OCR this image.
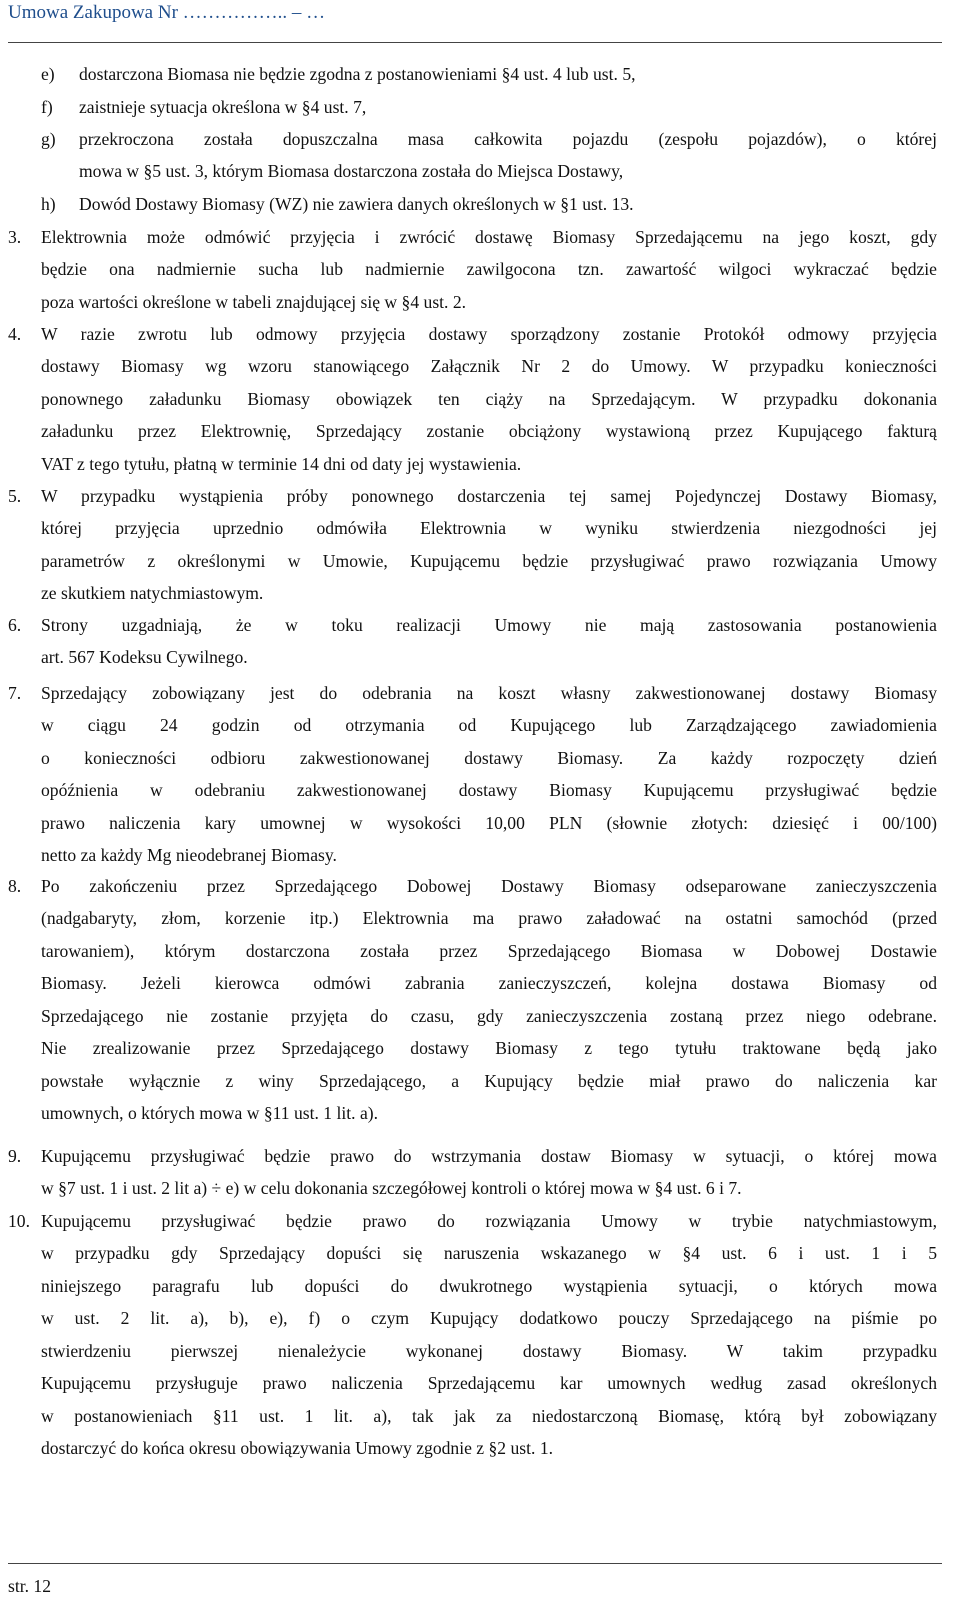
Umowa Zakupowa Nr …………….. – …
e) dostarczona Biomasa nie będzie zgodna z postanowieniami §4 ust. 4 lub ust. 5,
f) zaistnieje sytuacja określona w §4 ust. 7,
g) przekroczona została dopuszczalna masa całkowita pojazdu (zespołu pojazdów), o której
mowa w §5 ust. 3, którym Biomasa dostarczona została do Miejsca Dostawy,
h) Dowód Dostawy Biomasy (WZ) nie zawiera danych określonych w §1 ust. 13.
3. Elektrownia może odmówić przyjęcia i zwrócić dostawę Biomasy Sprzedającemu na jego koszt, gdy
będzie ona nadmiernie sucha lub nadmiernie zawilgocona tzn. zawartość wilgoci wykraczać będzie
poza wartości określone w tabeli znajdującej się w §4 ust. 2.
4. W razie zwrotu lub odmowy przyjęcia dostawy sporządzony zostanie Protokół odmowy przyjęcia
dostawy Biomasy wg wzoru stanowiącego Załącznik Nr 2 do Umowy. W przypadku konieczności
ponownego załadunku Biomasy obowiązek ten ciąży na Sprzedającym. W przypadku dokonania
załadunku przez Elektrownię, Sprzedający zostanie obciążony wystawioną przez Kupującego fakturą
VAT z tego tytułu, płatną w terminie 14 dni od daty jej wystawienia.
5. W przypadku wystąpienia próby ponownego dostarczenia tej samej Pojedynczej Dostawy Biomasy,
której przyjęcia uprzednio odmówiła Elektrownia w wyniku stwierdzenia niezgodności jej
parametrów z określonymi w Umowie, Kupującemu będzie przysługiwać prawo rozwiązania Umowy
ze skutkiem natychmiastowym.
6. Strony uzgadniają, że w toku realizacji Umowy nie mają zastosowania postanowienia
art. 567 Kodeksu Cywilnego.
7. Sprzedający zobowiązany jest do odebrania na koszt własny zakwestionowanej dostawy Biomasy
w ciągu 24 godzin od otrzymania od Kupującego lub Zarządzającego zawiadomienia
o konieczności odbioru zakwestionowanej dostawy Biomasy. Za każdy rozpoczęty dzień
opóźnienia w odebraniu zakwestionowanej dostawy Biomasy Kupującemu przysługiwać będzie
prawo naliczenia kary umownej w wysokości 10,00 PLN (słownie złotych: dziesięć i 00/100)
netto za każdy Mg nieodebranej Biomasy.
8. Po zakończeniu przez Sprzedającego Dobowej Dostawy Biomasy odseparowane zanieczyszczenia
(nadgabaryty, złom, korzenie itp.) Elektrownia ma prawo załadować na ostatni samochód (przed
tarowaniem), którym dostarczona została przez Sprzedającego Biomasa w Dobowej Dostawie
Biomasy. Jeżeli kierowca odmówi zabrania zanieczyszczeń, kolejna dostawa Biomasy od
Sprzedającego nie zostanie przyjęta do czasu, gdy zanieczyszczenia zostaną przez niego odebrane.
Nie zrealizowanie przez Sprzedającego dostawy Biomasy z tego tytułu traktowane będą jako
powstałe wyłącznie z winy Sprzedającego, a Kupujący będzie miał prawo do naliczenia kar
umownych, o których mowa w §11 ust. 1 lit. a).
9. Kupującemu przysługiwać będzie prawo do wstrzymania dostaw Biomasy w sytuacji, o której mowa
w §7 ust. 1 i ust. 2 lit a) ÷ e) w celu dokonania szczegółowej kontroli o której mowa w §4 ust. 6 i 7.
10. Kupującemu przysługiwać będzie prawo do rozwiązania Umowy w trybie natychmiastowym,
w przypadku gdy Sprzedający dopuści się naruszenia wskazanego w §4 ust. 6 i ust. 1 i 5
niniejszego paragrafu lub dopuści do dwukrotnego wystąpienia sytuacji, o których mowa
w ust. 2 lit. a), b), e), f) o czym Kupujący dodatkowo pouczy Sprzedającego na piśmie po
stwierdzeniu pierwszej nienależycie wykonanej dostawy Biomasy. W takim przypadku
Kupującemu przysługuje prawo naliczenia Sprzedającemu kar umownych według zasad określonych
w postanowieniach §11 ust. 1 lit. a), tak jak za niedostarczoną Biomasę, którą był zobowiązany
dostarczyć do końca okresu obowiązywania Umowy zgodnie z §2 ust. 1.
str. 12
